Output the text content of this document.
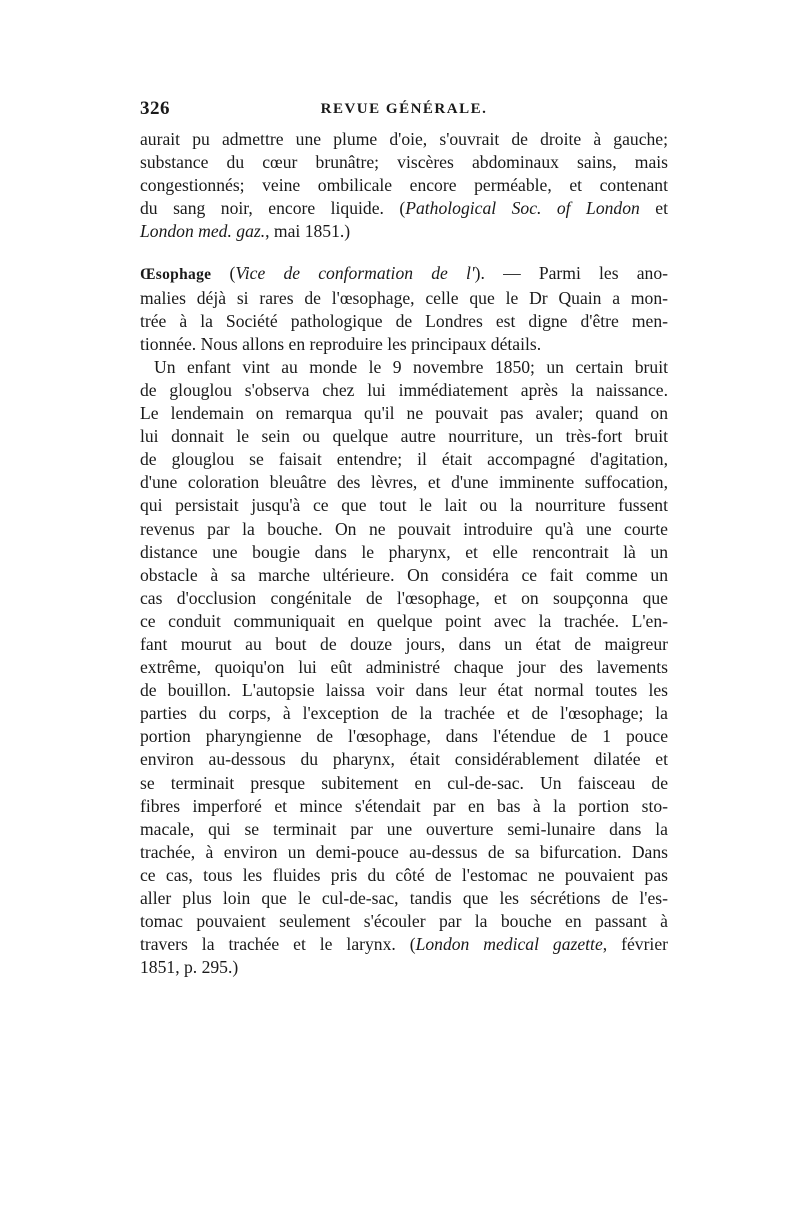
326	REVUE GÉNÉRALE.

aurait pu admettre une plume d'oie, s'ouvrait de droite à gauche;
substance du cœur brunâtre; viscères abdominaux sains, mais
congestionnés; veine ombilicale encore perméable, et contenant
du sang noir, encore liquide. (Pathological Soc. of London et
London med. gaz., mai 1851.)

Œsophage (Vice de conformation de l'). — Parmi les ano-
malies déjà si rares de l'œsophage, celle que le Dr Quain a mon-
trée à la Société pathologique de Londres est digne d'être men-
tionnée. Nous allons en reproduire les principaux détails.

Un enfant vint au monde le 9 novembre 1850; un certain bruit
de glouglou s'observa chez lui immédiatement après la naissance.
Le lendemain on remarqua qu'il ne pouvait pas avaler; quand on
lui donnait le sein ou quelque autre nourriture, un très-fort bruit
de glouglou se faisait entendre; il était accompagné d'agitation,
d'une coloration bleuâtre des lèvres, et d'une imminente suffocation,
qui persistait jusqu'à ce que tout le lait ou la nourriture fussent
revenus par la bouche. On ne pouvait introduire qu'à une courte
distance une bougie dans le pharynx, et elle rencontrait là un
obstacle à sa marche ultérieure. On considéra ce fait comme un
cas d'occlusion congénitale de l'œsophage, et on soupçonna que
ce conduit communiquait en quelque point avec la trachée. L'en-
fant mourut au bout de douze jours, dans un état de maigreur
extrême, quoiqu'on lui eût administré chaque jour des lavements
de bouillon. L'autopsie laissa voir dans leur état normal toutes les
parties du corps, à l'exception de la trachée et de l'œsophage; la
portion pharyngienne de l'œsophage, dans l'étendue de 1 pouce
environ au-dessous du pharynx, était considérablement dilatée et
se terminait presque subitement en cul-de-sac. Un faisceau de
fibres imperforé et mince s'étendait par en bas à la portion sto-
macale, qui se terminait par une ouverture semi-lunaire dans la
trachée, à environ un demi-pouce au-dessus de sa bifurcation. Dans
ce cas, tous les fluides pris du côté de l'estomac ne pouvaient pas
aller plus loin que le cul-de-sac, tandis que les sécrétions de l'es-
tomac pouvaient seulement s'écouler par la bouche en passant à
travers la trachée et le larynx. (London medical gazette, février
1851, p. 295.)
